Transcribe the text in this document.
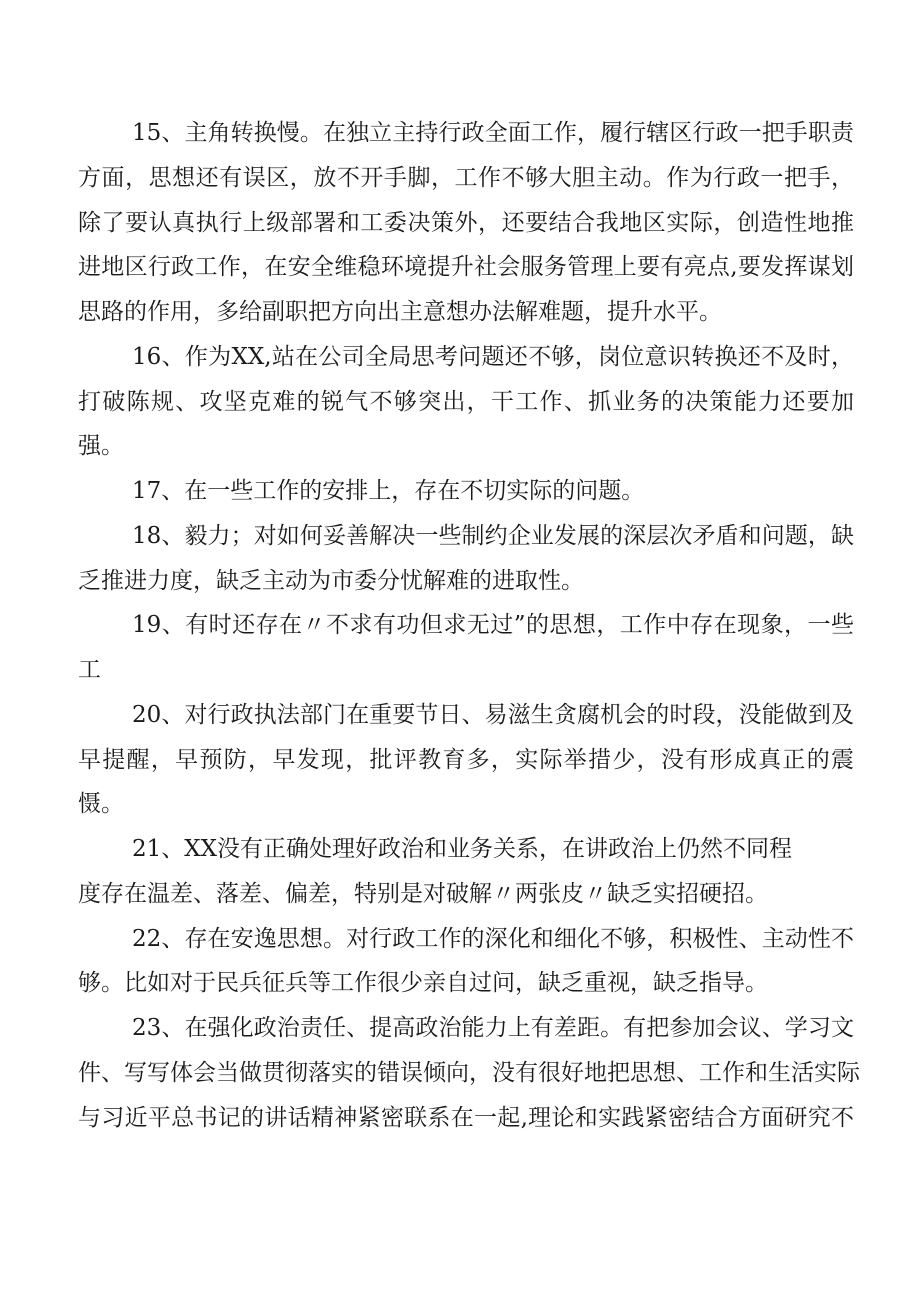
15、主角转换慢。在独立主持行政全面工作，履行辖区行政一把手职责
方面，思想还有误区，放不开手脚，工作不够大胆主动。作为行政一把手，
除了要认真执行上级部署和工委决策外，还要结合我地区实际，创造性地推
进地区行政工作，在安全维稳环境提升社会服务管理上要有亮点,要发挥谋划
思路的作用，多给副职把方向出主意想办法解难题，提升水平。
16、作为XX,站在公司全局思考问题还不够，岗位意识转换还不及时，
打破陈规、攻坚克难的锐气不够突出，干工作、抓业务的决策能力还要加
强。
17、在一些工作的安排上，存在不切实际的问题。
18、毅力；对如何妥善解决一些制约企业发展的深层次矛盾和问题，缺
乏推进力度，缺乏主动为市委分忧解难的进取性。
19、有时还存在〃不求有功但求无过”的思想，工作中存在现象，一些
工
20、对行政执法部门在重要节日、易滋生贪腐机会的时段，没能做到及
早提醒，早预防，早发现，批评教育多，实际举措少，没有形成真正的震
慑。
21、XX没有正确处理好政治和业务关系，在讲政治上仍然不同程
度存在温差、落差、偏差，特别是对破解〃两张皮〃缺乏实招硬招。
22、存在安逸思想。对行政工作的深化和细化不够，积极性、主动性不
够。比如对于民兵征兵等工作很少亲自过问，缺乏重视，缺乏指导。
23、在强化政治责任、提高政治能力上有差距。有把参加会议、学习文
件、写写体会当做贯彻落实的错误倾向，没有很好地把思想、工作和生活实际
与习近平总书记的讲话精神紧密联系在一起,理论和实践紧密结合方面研究不
